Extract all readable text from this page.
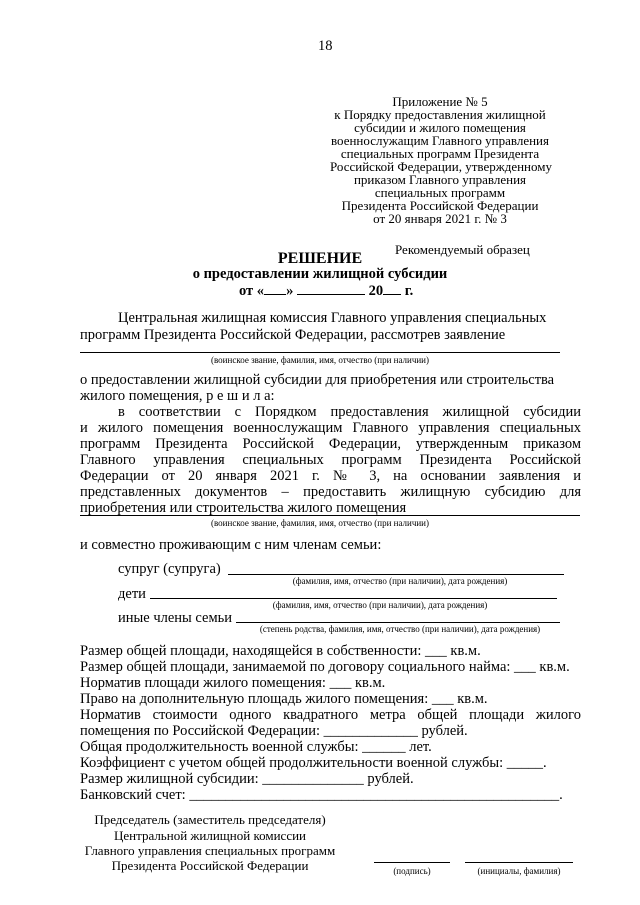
18
Приложение № 5
к Порядку предоставления жилищной
субсидии и жилого помещения
военнослужащим Главного управления
специальных программ Президента
Российской Федерации, утвержденному
приказом Главного управления
специальных программ
Президента Российской Федерации
от 20 января 2021 г. № 3
Рекомендуемый образец
РЕШЕНИЕ
о предоставлении жилищной субсидии
от « »	20 г.
Центральная жилищная комиссия Главного управления специальных
программ Президента Российской Федерации, рассмотрев заявление
(воинское звание, фамилия, имя, отчество (при наличии)
о предоставлении жилищной субсидии для приобретения или строительства
жилого помещения, р е ш и л а:
в соответствии с Порядком предоставления жилищной субсидии
и жилого помещения военнослужащим Главного управления специальных
программ Президента Российской Федерации, утвержденным приказом
Главного управления специальных программ Президента Российской
Федерации от 20 января 2021 г. № 3, на основании заявления и
представленных документов – предоставить жилищную субсидию для
приобретения или строительства жилого помещения
(воинское звание, фамилия, имя, отчество (при наличии)
и совместно проживающим с ним членам семьи:
супруг (супруга)
(фамилия, имя, отчество (при наличии), дата рождения)
дети
(фамилия, имя, отчество (при наличии), дата рождения)
иные члены семьи
(степень родства, фамилия, имя, отчество (при наличии), дата рождения)
Размер общей площади, находящейся в собственности: ___ кв.м.
Размер общей площади, занимаемой по договору социального найма: ___ кв.м.
Норматив площади жилого помещения: ___ кв.м.
Право на дополнительную площадь жилого помещения: ___ кв.м.
Норматив стоимости одного квадратного метра общей площади жилого
помещения по Российской Федерации: _____________ рублей.
Общая продолжительность военной службы: ______ лет.
Коэффициент с учетом общей продолжительности военной службы: _____.
Размер жилищной субсидии: ______________ рублей.
Банковский счет: ___________________________________________________.
Председатель (заместитель председателя)
Центральной жилищной комиссии
Главного управления специальных программ
Президента Российской Федерации	(подпись)	(инициалы, фамилия)
